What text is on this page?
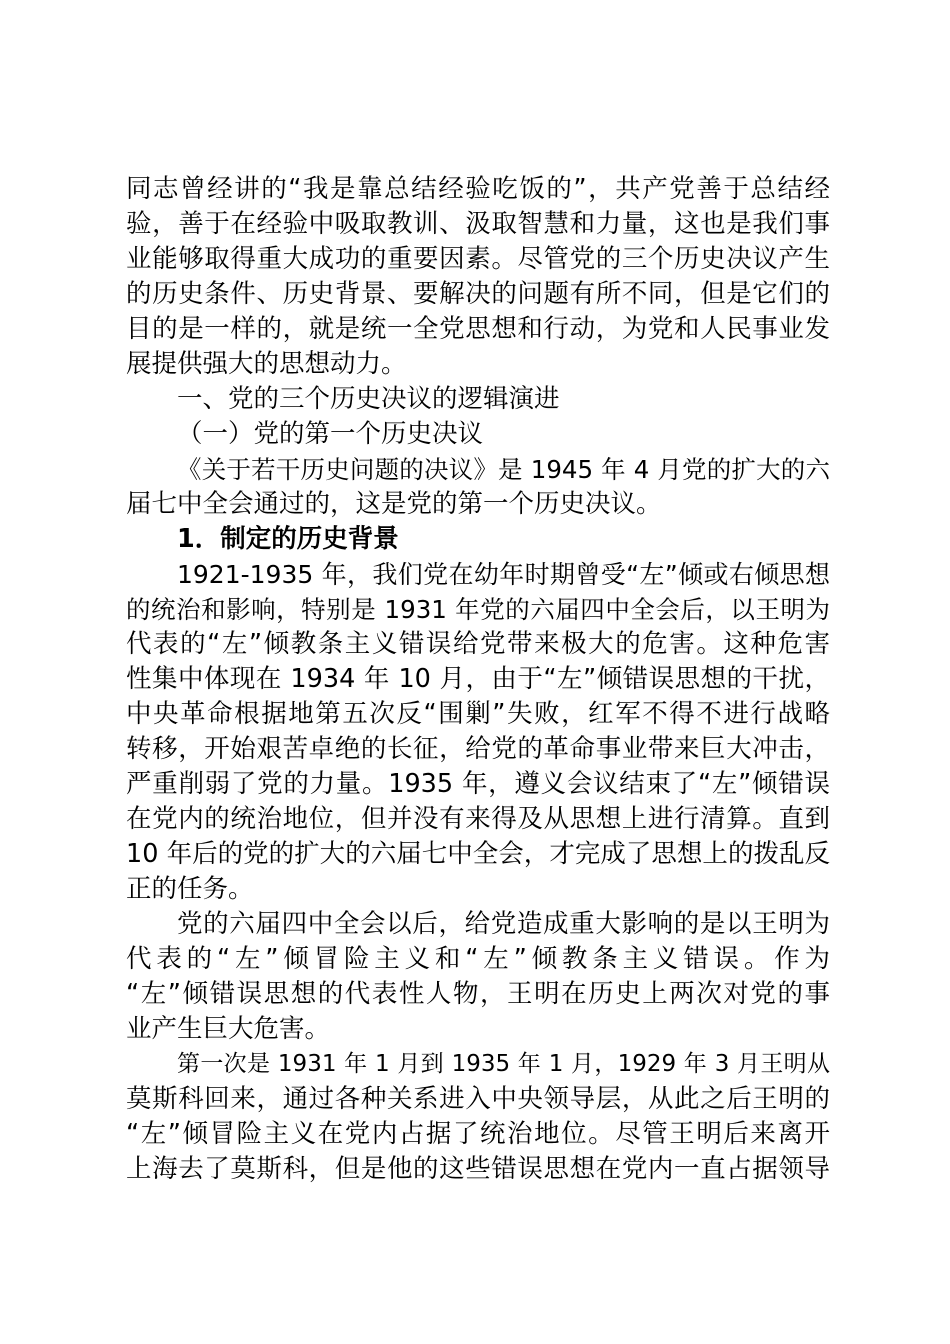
同志曾经讲的“我是靠总结经验吃饭的”，共产党善于总结经
验，善于在经验中吸取教训、汲取智慧和力量，这也是我们事
业能够取得重大成功的重要因素。尽管党的三个历史决议产生
的历史条件、历史背景、要解决的问题有所不同，但是它们的
目的是一样的，就是统一全党思想和行动，为党和人民事业发
展提供强大的思想动力。
一、党的三个历史决议的逻辑演进
（一）党的第一个历史决议
《关于若干历史问题的决议》是 1945 年 4 月党的扩大的六
届七中全会通过的，这是党的第一个历史决议。
1．制定的历史背景
1921-1935 年，我们党在幼年时期曾受“左”倾或右倾思想
的统治和影响，特别是 1931 年党的六届四中全会后，以王明为
代表的“左”倾教条主义错误给党带来极大的危害。这种危害
性集中体现在 1934 年 10 月，由于“左”倾错误思想的干扰，
中央革命根据地第五次反“围剿”失败，红军不得不进行战略
转移，开始艰苦卓绝的长征，给党的革命事业带来巨大冲击，
严重削弱了党的力量。1935 年，遵义会议结束了“左”倾错误
在党内的统治地位，但并没有来得及从思想上进行清算。直到
10 年后的党的扩大的六届七中全会，才完成了思想上的拨乱反
正的任务。
党的六届四中全会以后，给党造成重大影响的是以王明为
代表的“左”倾冒险主义和“左”倾教条主义错误。作为
“左”倾错误思想的代表性人物，王明在历史上两次对党的事
业产生巨大危害。
第一次是 1931 年 1 月到 1935 年 1 月，1929 年 3 月王明从
莫斯科回来，通过各种关系进入中央领导层，从此之后王明的
“左”倾冒险主义在党内占据了统治地位。尽管王明后来离开
上海去了莫斯科，但是他的这些错误思想在党内一直占据领导
